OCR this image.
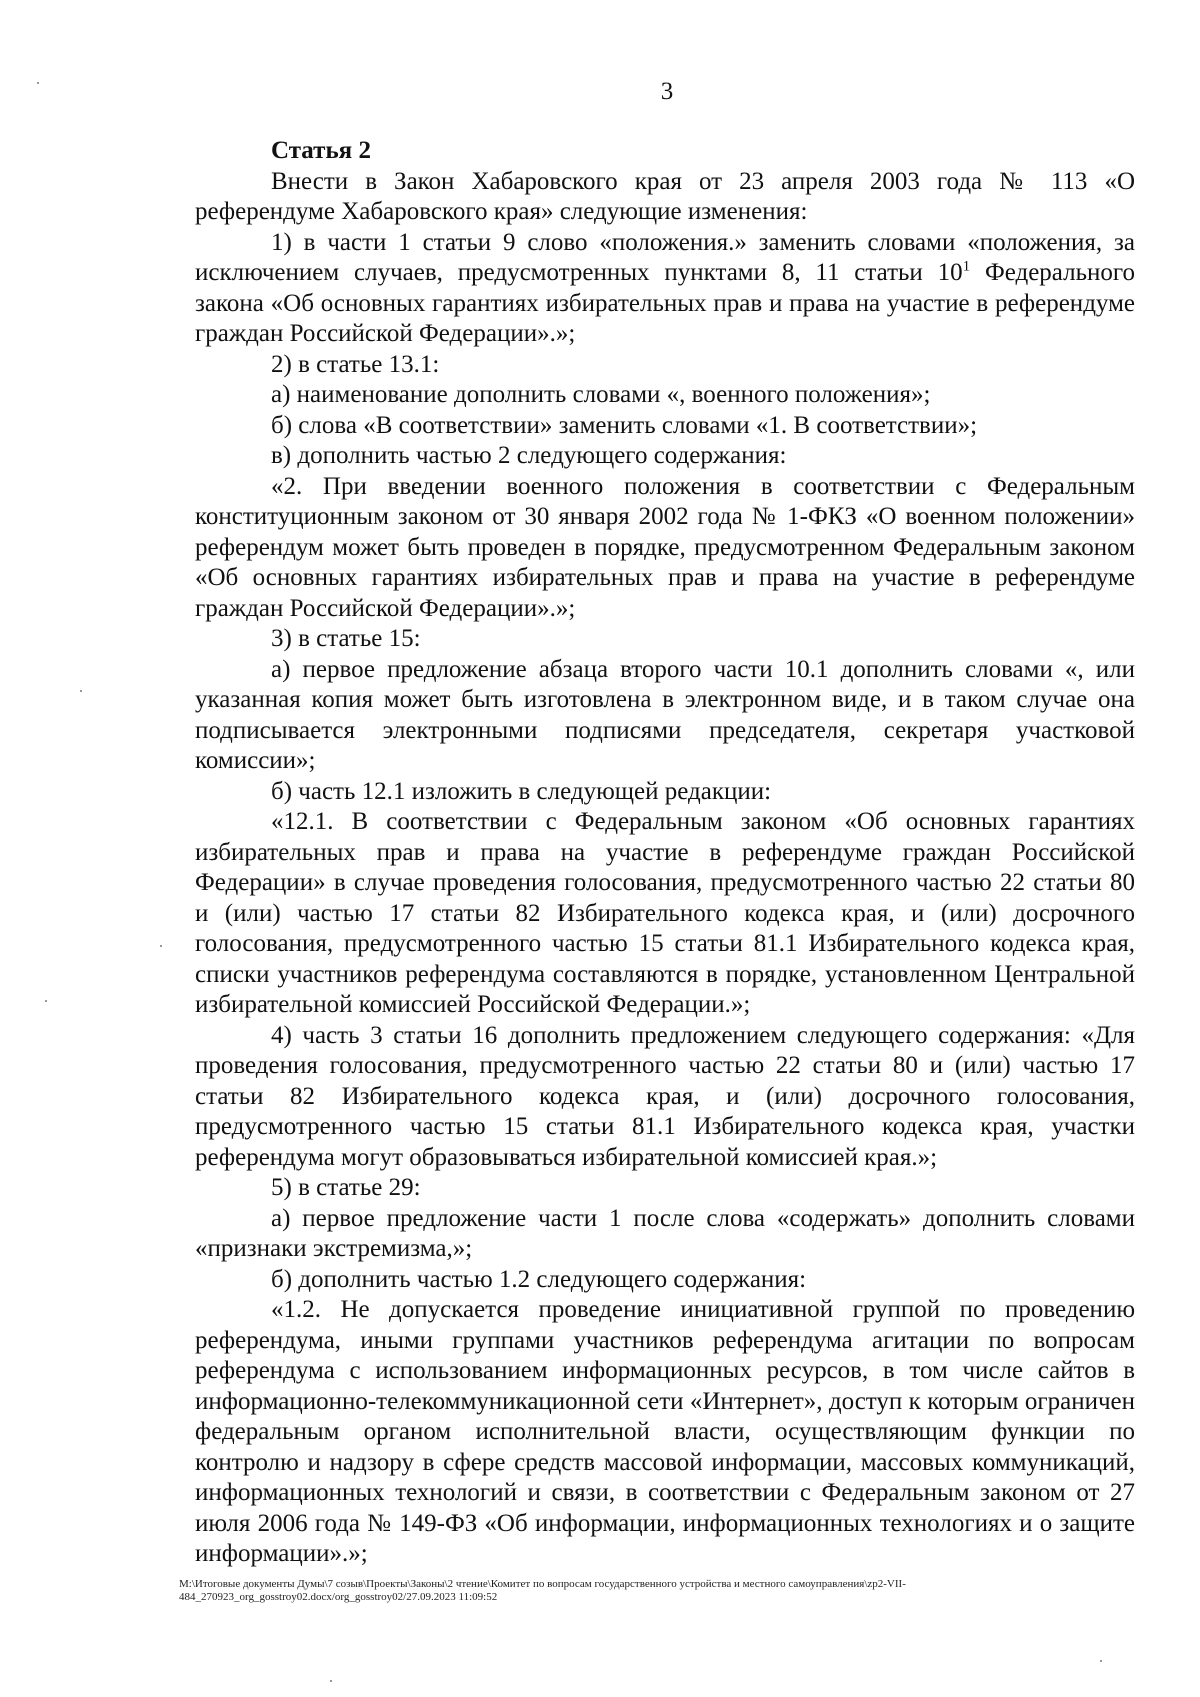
3
Статья 2
Внести в Закон Хабаровского края от 23 апреля 2003 года № 113 «О референдуме Хабаровского края» следующие изменения:
1) в части 1 статьи 9 слово «положения.» заменить словами «положения, за исключением случаев, предусмотренных пунктами 8, 11 статьи $10^1$ Федерального закона «Об основных гарантиях избирательных прав и права на участие в референдуме граждан Российской Федерации».»;
2) в статье 13.1:
а) наименование дополнить словами «, военного положения»;
б) слова «В соответствии» заменить словами «1. В соответствии»;
в) дополнить частью 2 следующего содержания:
«2. При введении военного положения в соответствии с Федеральным конституционным законом от 30 января 2002 года № 1-ФКЗ «О военном положении» референдум может быть проведен в порядке, предусмотренном Федеральным законом «Об основных гарантиях избирательных прав и права на участие в референдуме граждан Российской Федерации».»;
3) в статье 15:
а) первое предложение абзаца второго части 10.1 дополнить словами «, или указанная копия может быть изготовлена в электронном виде, и в таком случае она подписывается электронными подписями председателя, секретаря участковой комиссии»;
б) часть 12.1 изложить в следующей редакции:
«12.1. В соответствии с Федеральным законом «Об основных гарантиях избирательных прав и права на участие в референдуме граждан Российской Федерации» в случае проведения голосования, предусмотренного частью 22 статьи 80 и (или) частью 17 статьи 82 Избирательного кодекса края, и (или) досрочного голосования, предусмотренного частью 15 статьи 81.1 Избирательного кодекса края, списки участников референдума составляются в порядке, установленном Центральной избирательной комиссией Российской Федерации.»;
4) часть 3 статьи 16 дополнить предложением следующего содержания: «Для проведения голосования, предусмотренного частью 22 статьи 80 и (или) частью 17 статьи 82 Избирательного кодекса края, и (или) досрочного голосования, предусмотренного частью 15 статьи 81.1 Избирательного кодекса края, участки референдума могут образовываться избирательной комиссией края.»;
5) в статье 29:
а) первое предложение части 1 после слова «содержать» дополнить словами «признаки экстремизма,»;
б) дополнить частью 1.2 следующего содержания:
«1.2. Не допускается проведение инициативной группой по проведению референдума, иными группами участников референдума агитации по вопросам референдума с использованием информационных ресурсов, в том числе сайтов в информационно-телекоммуникационной сети «Интернет», доступ к которым ограничен федеральным органом исполнительной власти, осуществляющим функции по контролю и надзору в сфере средств массовой информации, массовых коммуникаций, информационных технологий и связи, в соответствии с Федеральным законом от 27 июля 2006 года № 149-ФЗ «Об информации, информационных технологиях и о защите информации».»;
M:\Итоговые документы Думы\7 созыв\Проекты\Законы\2 чтение\Комитет по вопросам государственного устройства и местного самоуправления\zp2-VII-
484_270923_org_gosstroy02.docx/org_gosstroy02/27.09.2023 11:09:52
